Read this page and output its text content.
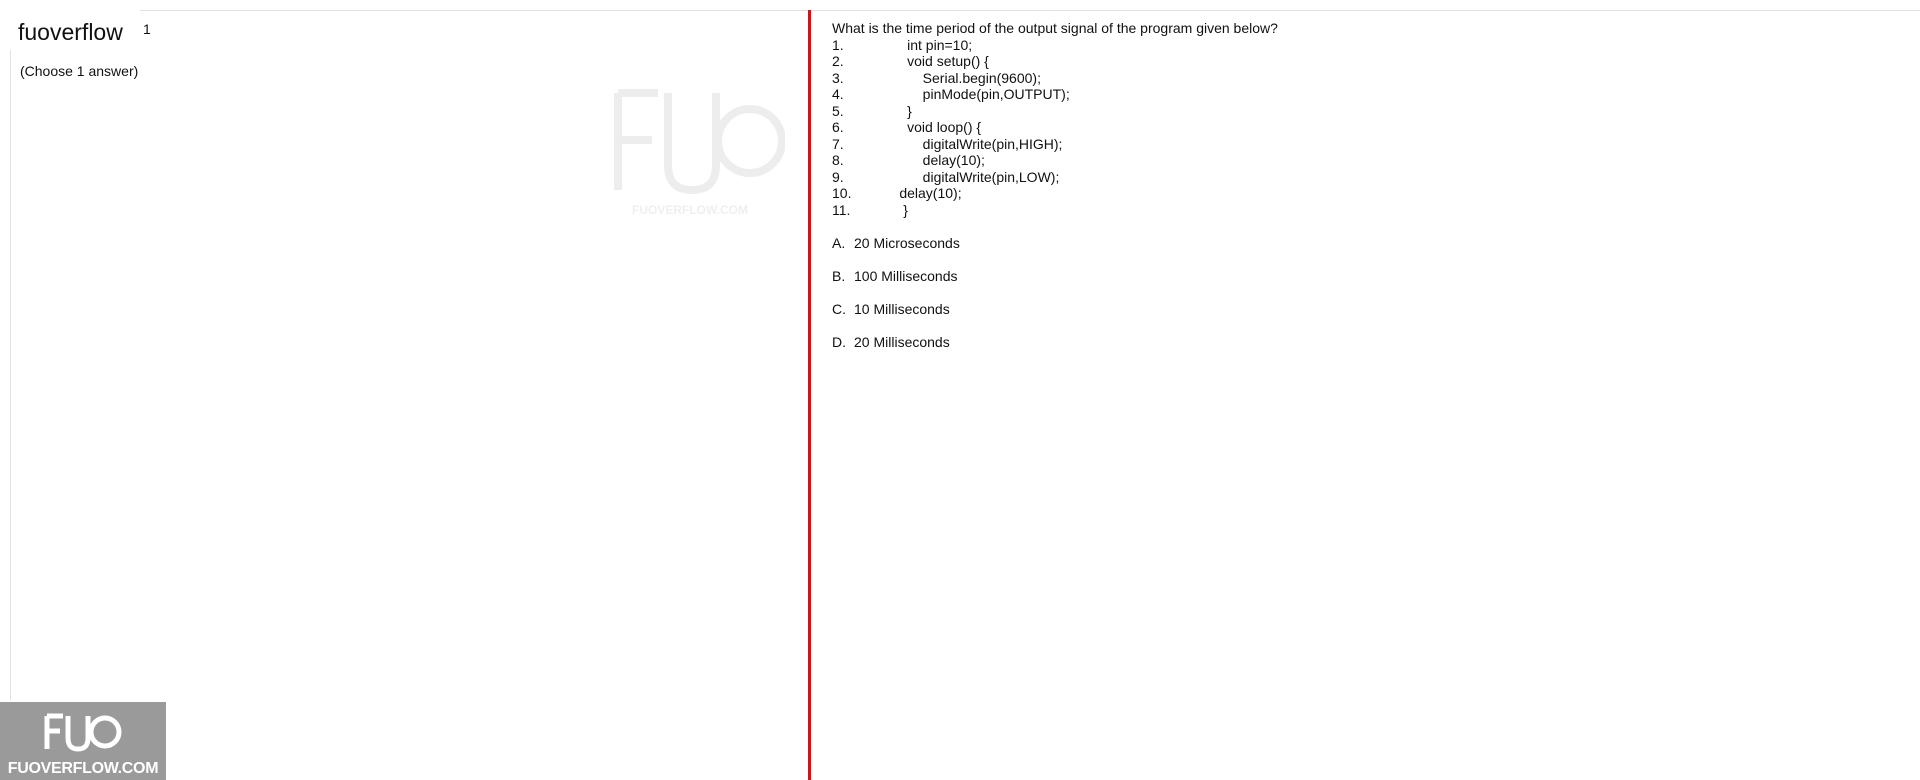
fuoverflow 1
(Choose 1 answer)
FUOVERFLOW.COM

What is the time period of the output signal of the program given below?

1.	int pin=10;
2.	void setup() {
3.	Serial.begin(9600);
4.	pinMode(pin,OUTPUT);
5.	}
6.	void loop() {
7.	digitalWrite(pin,HIGH);
8.	delay(10);
9.	digitalWrite(pin,LOW);
10.	delay(10);
11.	}
A. 20 Microseconds
B. 100 Milliseconds
C. 10 Milliseconds
D. 20 Milliseconds
FUOVERFLOW.COM
